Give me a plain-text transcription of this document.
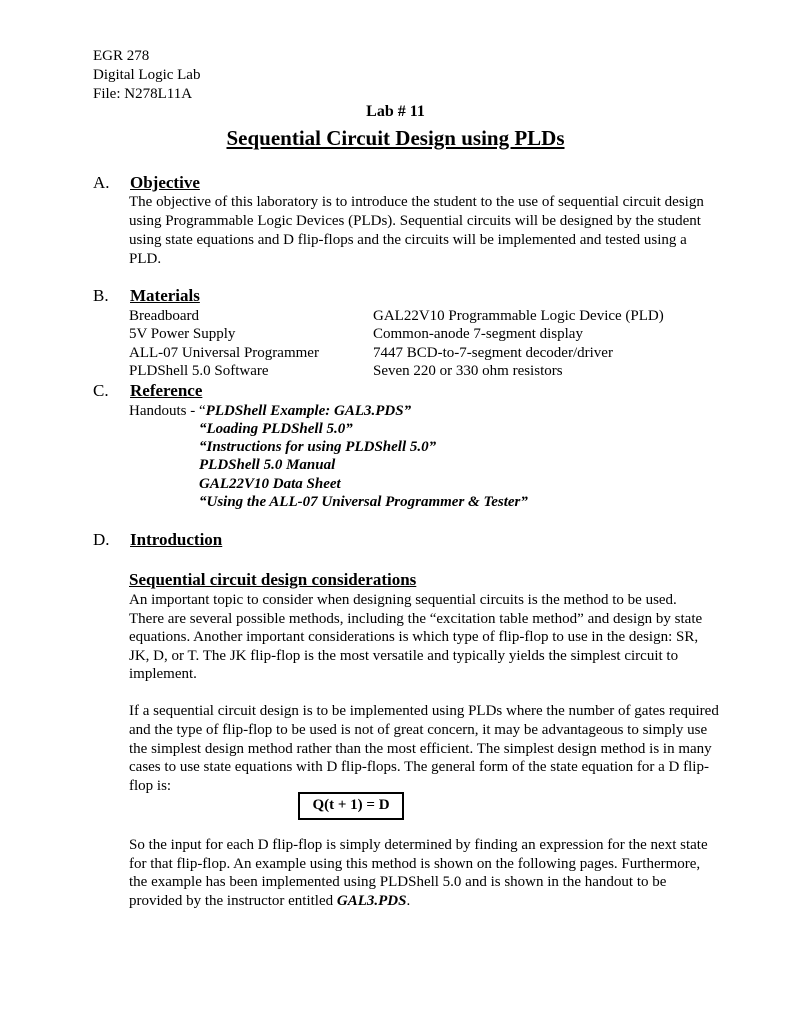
EGR 278
Digital Logic Lab
File: N278L11A
Lab # 11
Sequential Circuit Design using PLDs
A. Objective
The objective of this laboratory is to introduce the student to the use of sequential circuit design
using Programmable Logic Devices (PLDs). Sequential circuits will be designed by the student
using state equations and D flip-flops and the circuits will be implemented and tested using a
PLD.
B. Materials
Breadboard
5V Power Supply
ALL-07 Universal Programmer
PLDShell 5.0 Software
GAL22V10 Programmable Logic Device (PLD)
Common-anode 7-segment display
7447 BCD-to-7-segment decoder/driver
Seven 220 or 330 ohm resistors
C. Reference
Handouts - “PLDShell Example: GAL3.PDS”
“Loading PLDShell 5.0”
“Instructions for using PLDShell 5.0”
PLDShell 5.0 Manual
GAL22V10 Data Sheet
“Using the ALL-07 Universal Programmer & Tester”
D. Introduction
Sequential circuit design considerations
An important topic to consider when designing sequential circuits is the method to be used.
There are several possible methods, including the “excitation table method” and design by state
equations. Another important considerations is which type of flip-flop to use in the design: SR,
JK, D, or T. The JK flip-flop is the most versatile and typically yields the simplest circuit to
implement.
If a sequential circuit design is to be implemented using PLDs where the number of gates required
and the type of flip-flop to be used is not of great concern, it may be advantageous to simply use
the simplest design method rather than the most efficient. The simplest design method is in many
cases to use state equations with D flip-flops. The general form of the state equation for a D flip-
flop is:
Q(t + 1) = D
So the input for each D flip-flop is simply determined by finding an expression for the next state
for that flip-flop. An example using this method is shown on the following pages. Furthermore,
the example has been implemented using PLDShell 5.0 and is shown in the handout to be
provided by the instructor entitled GAL3.PDS.
